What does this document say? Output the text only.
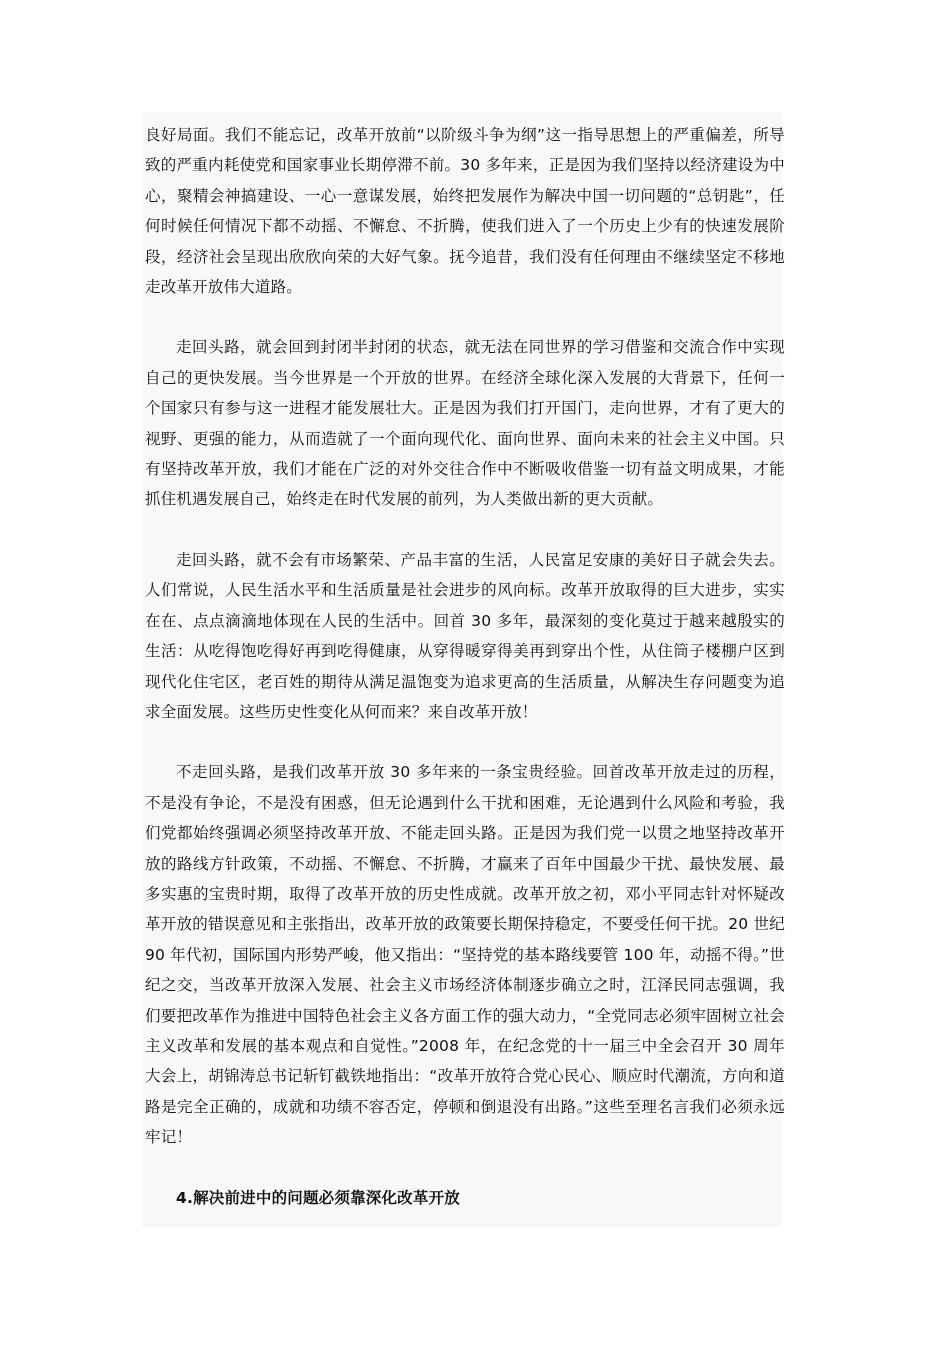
良好局面。我们不能忘记，改革开放前“以阶级斗争为纲”这一指导思想上的严重偏差，所导致的严重内耗使党和国家事业长期停滞不前。30 多年来，正是因为我们坚持以经济建设为中心，聚精会神搞建设、一心一意谋发展，始终把发展作为解决中国一切问题的“总钥匙”，任何时候任何情况下都不动摇、不懈怠、不折腾，使我们进入了一个历史上少有的快速发展阶段，经济社会呈现出欣欣向荣的大好气象。抚今追昔，我们没有任何理由不继续坚定不移地走改革开放伟大道路。

走回头路，就会回到封闭半封闭的状态，就无法在同世界的学习借鉴和交流合作中实现自己的更快发展。当今世界是一个开放的世界。在经济全球化深入发展的大背景下，任何一个国家只有参与这一进程才能发展壮大。正是因为我们打开国门，走向世界，才有了更大的视野、更强的能力，从而造就了一个面向现代化、面向世界、面向未来的社会主义中国。只有坚持改革开放，我们才能在广泛的对外交往合作中不断吸收借鉴一切有益文明成果，才能抓住机遇发展自己，始终走在时代发展的前列，为人类做出新的更大贡献。

走回头路，就不会有市场繁荣、产品丰富的生活，人民富足安康的美好日子就会失去。人们常说，人民生活水平和生活质量是社会进步的风向标。改革开放取得的巨大进步，实实在在、点点滴滴地体现在人民的生活中。回首 30 多年，最深刻的变化莫过于越来越殷实的生活：从吃得饱吃得好再到吃得健康，从穿得暖穿得美再到穿出个性，从住筒子楼棚户区到现代化住宅区，老百姓的期待从满足温饱变为追求更高的生活质量，从解决生存问题变为追求全面发展。这些历史性变化从何而来？来自改革开放！

不走回头路，是我们改革开放 30 多年来的一条宝贵经验。回首改革开放走过的历程，不是没有争论，不是没有困惑，但无论遇到什么干扰和困难，无论遇到什么风险和考验，我们党都始终强调必须坚持改革开放、不能走回头路。正是因为我们党一以贯之地坚持改革开放的路线方针政策，不动摇、不懈怠、不折腾，才赢来了百年中国最少干扰、最快发展、最多实惠的宝贵时期，取得了改革开放的历史性成就。改革开放之初，邓小平同志针对怀疑改革开放的错误意见和主张指出，改革开放的政策要长期保持稳定，不要受任何干扰。20 世纪 90 年代初，国际国内形势严峻，他又指出：“坚持党的基本路线要管 100 年，动摇不得。”世纪之交，当改革开放深入发展、社会主义市场经济体制逐步确立之时，江泽民同志强调，我们要把改革作为推进中国特色社会主义各方面工作的强大动力，“全党同志必须牢固树立社会主义改革和发展的基本观点和自觉性。”2008 年，在纪念党的十一届三中全会召开 30 周年大会上，胡锦涛总书记斩钉截铁地指出：“改革开放符合党心民心、顺应时代潮流，方向和道路是完全正确的，成就和功绩不容否定，停顿和倒退没有出路。”这些至理名言我们必须永远牢记！

4.解决前进中的问题必须靠深化改革开放
